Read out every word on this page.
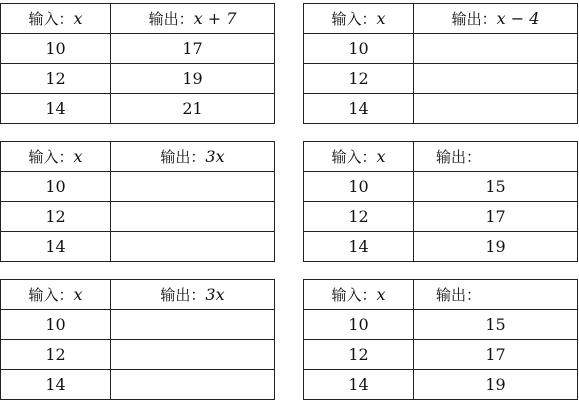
输入：x	输出：x + 7
10	17
12	19
14	21
输入：x	输出：x − 4
10	
12	
14	
输入：x	输出：3x
10	
12	
14	
输入：x	输出：
10	15
12	17
14	19
输入：x	输出：3x
10	
12	
14	
输入：x	输出：
10	15
12	17
14	19
